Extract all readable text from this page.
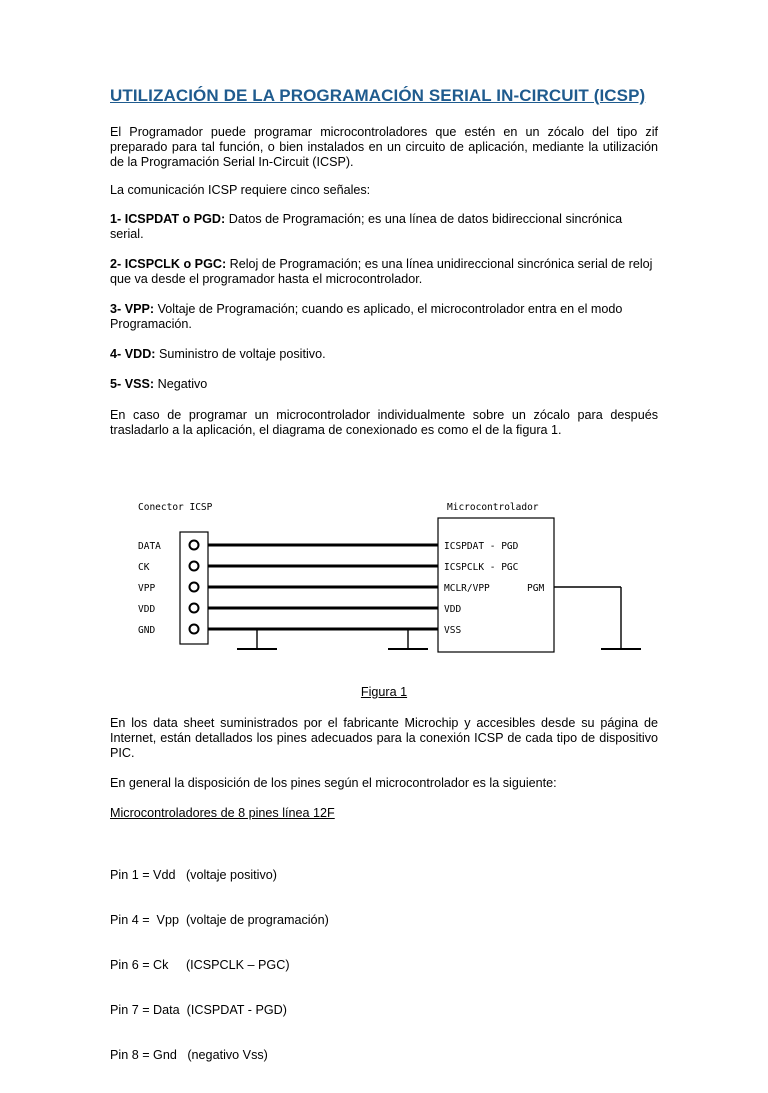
UTILIZACIÓN DE LA PROGRAMACIÓN SERIAL IN-CIRCUIT (ICSP)
El Programador puede programar microcontroladores que estén en un zócalo del tipo zif preparado para tal función, o bien instalados en un circuito de aplicación, mediante la utilización de la Programación Serial In-Circuit (ICSP).
La comunicación ICSP requiere cinco señales:
1- ICSPDAT o PGD: Datos de Programación; es una línea de datos bidireccional sincrónica serial.
2- ICSPCLK o PGC: Reloj de Programación; es una línea unidireccional sincrónica serial de reloj que va desde el programador hasta el microcontrolador.
3- VPP: Voltaje de Programación; cuando es aplicado, el microcontrolador entra en el modo Programación.
4- VDD: Suministro de voltaje positivo.
5- VSS: Negativo
En caso de programar un microcontrolador individualmente sobre un zócalo para después trasladarlo a la aplicación, el diagrama de conexionado es como el de la figura 1.
Conector ICSP	Microcontrolador
DATA
CK
VPP
VDD
GND
ICSPDAT - PGD
ICSPCLK - PGC
MCLR/VPP
VDD
VSS
PGM
Figura 1
En los data sheet suministrados por el fabricante Microchip y accesibles desde su página de Internet, están detallados los pines adecuados para la conexión ICSP de cada tipo de dispositivo PIC.
En general la disposición de los pines según el microcontrolador es la siguiente:
Microcontroladores de 8 pines línea 12F

Pin 1 = Vdd   (voltaje positivo)

Pin 4 =  Vpp  (voltaje de programación)

Pin 6 = Ck     (ICSPCLK – PGC)

Pin 7 = Data  (ICSPDAT - PGD)

Pin 8 = Gnd   (negativo Vss)
